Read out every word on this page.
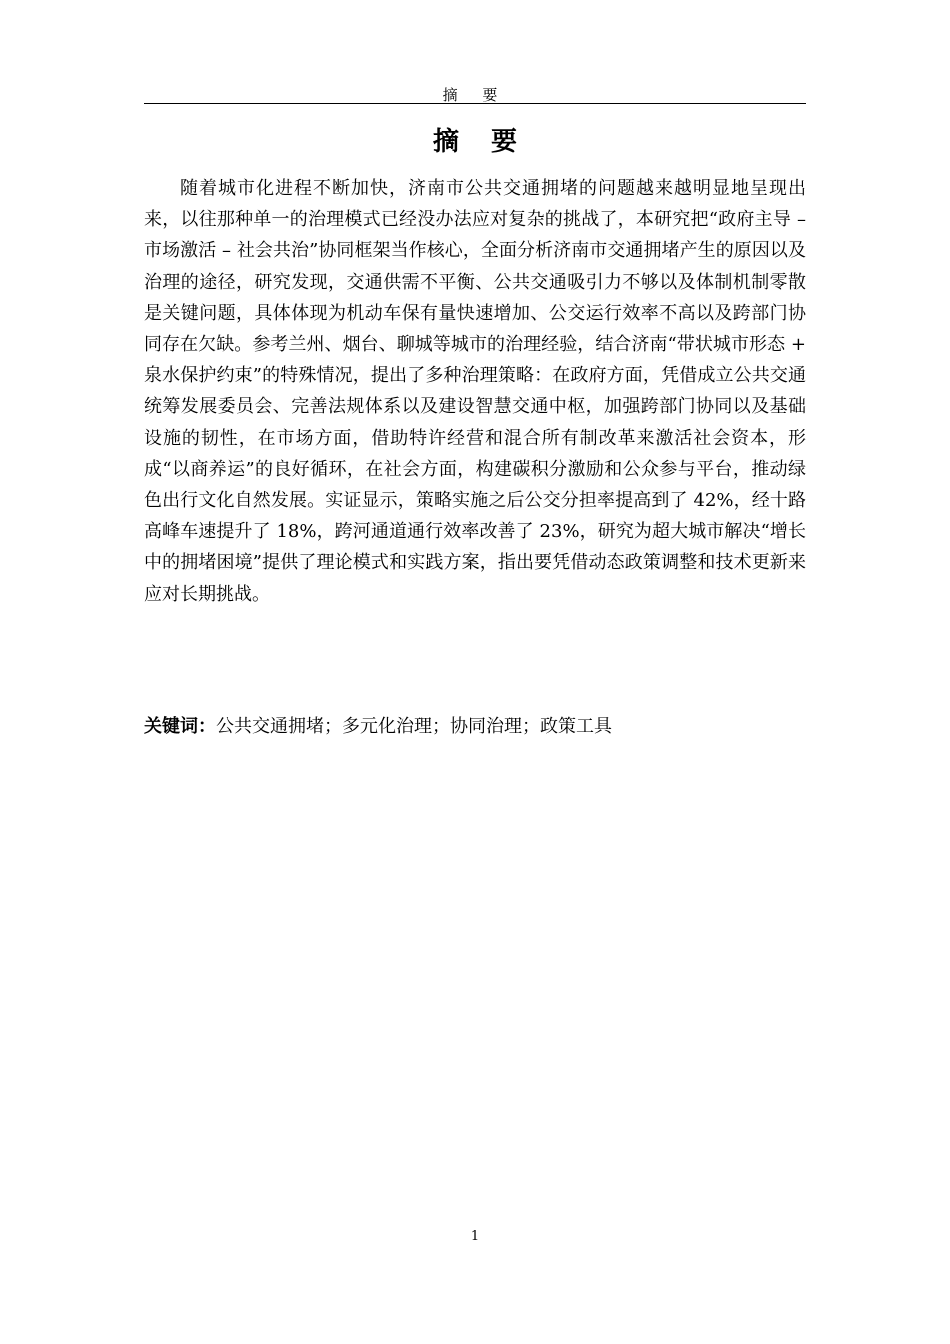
摘 要
摘要

随着城市化进程不断加快，济南市公共交通拥堵的问题越来越明显地呈现出来，以往那种单一的治理模式已经没办法应对复杂的挑战了，本研究把“政府主导 – 市场激活 – 社会共治”协同框架当作核心，全面分析济南市交通拥堵产生的原因以及治理的途径，研究发现，交通供需不平衡、公共交通吸引力不够以及体制机制零散是关键问题，具体体现为机动车保有量快速增加、公交运行效率不高以及跨部门协同存在欠缺。参考兰州、烟台、聊城等城市的治理经验，结合济南“带状城市形态 + 泉水保护约束”的特殊情况，提出了多种治理策略：在政府方面，凭借成立公共交通统筹发展委员会、完善法规体系以及建设智慧交通中枢，加强跨部门协同以及基础设施的韧性，在市场方面，借助特许经营和混合所有制改革来激活社会资本，形成“以商养运”的良好循环，在社会方面，构建碳积分激励和公众参与平台，推动绿色出行文化自然发展。实证显示，策略实施之后公交分担率提高到了 42%，经十路高峰车速提升了 18%，跨河通道通行效率改善了 23%，研究为超大城市解决“增长中的拥堵困境”提供了理论模式和实践方案，指出要凭借动态政策调整和技术更新来应对长期挑战。

关键词：公共交通拥堵；多元化治理；协同治理；政策工具
1
